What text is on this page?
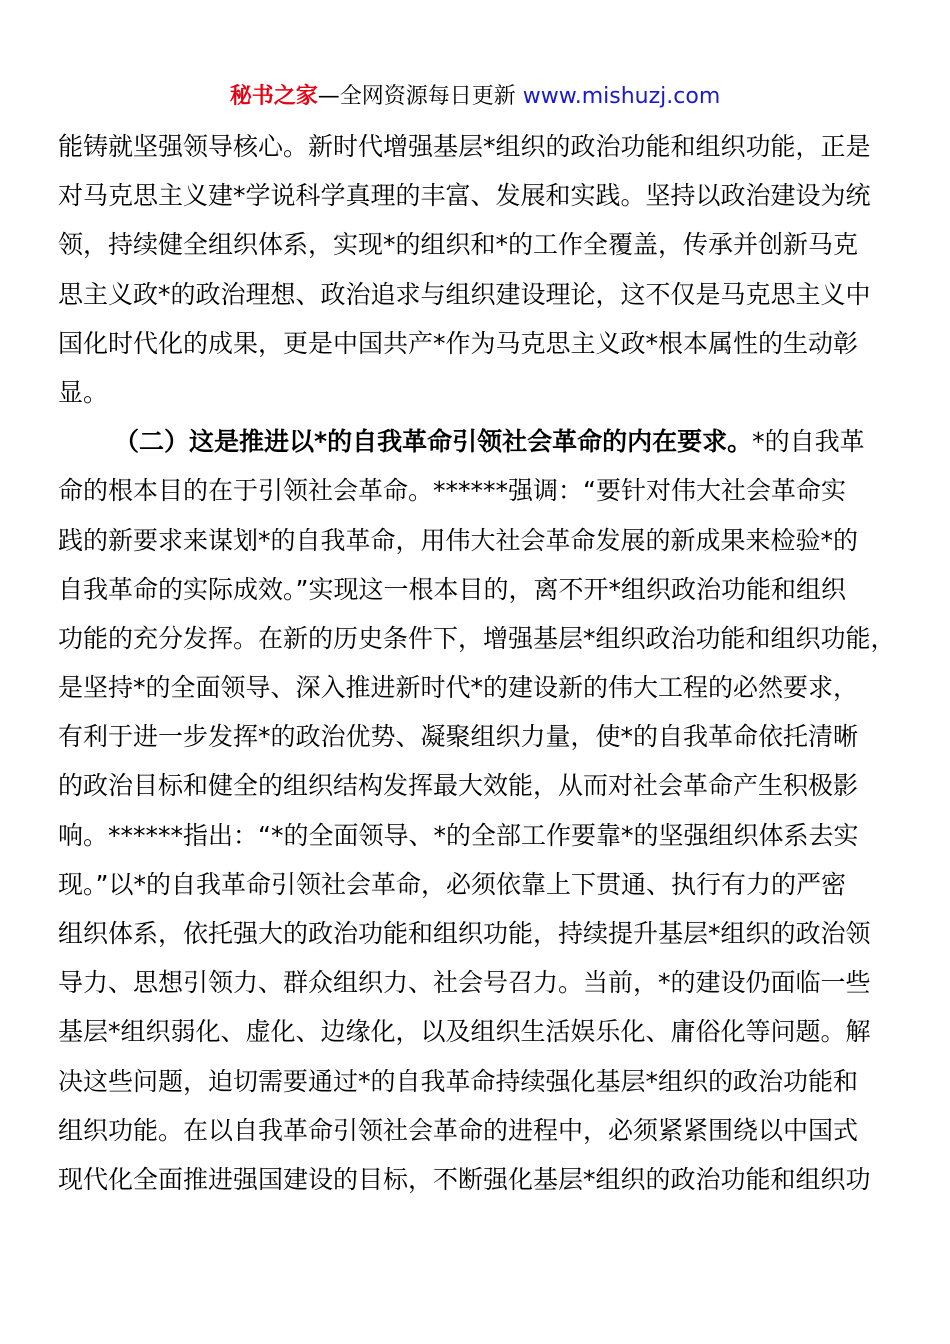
秘书之家—全网资源每日更新 www.mishuzj.com
能铸就坚强领导核心。新时代增强基层*组织的政治功能和组织功能，正是
对马克思主义建*学说科学真理的丰富、发展和实践。坚持以政治建设为统
领，持续健全组织体系，实现*的组织和*的工作全覆盖，传承并创新马克
思主义政*的政治理想、政治追求与组织建设理论，这不仅是马克思主义中
国化时代化的成果，更是中国共产*作为马克思主义政*根本属性的生动彰
显。
（二）这是推进以*的自我革命引领社会革命的内在要求。*的自我革
命的根本目的在于引领社会革命。******强调：“要针对伟大社会革命实
践的新要求来谋划*的自我革命，用伟大社会革命发展的新成果来检验*的
自我革命的实际成效。”实现这一根本目的，离不开*组织政治功能和组织
功能的充分发挥。在新的历史条件下，增强基层*组织政治功能和组织功能，
是坚持*的全面领导、深入推进新时代*的建设新的伟大工程的必然要求，
有利于进一步发挥*的政治优势、凝聚组织力量，使*的自我革命依托清晰
的政治目标和健全的组织结构发挥最大效能，从而对社会革命产生积极影
响。******指出：“*的全面领导、*的全部工作要靠*的坚强组织体系去实
现。”以*的自我革命引领社会革命，必须依靠上下贯通、执行有力的严密
组织体系，依托强大的政治功能和组织功能，持续提升基层*组织的政治领
导力、思想引领力、群众组织力、社会号召力。当前，*的建设仍面临一些
基层*组织弱化、虚化、边缘化，以及组织生活娱乐化、庸俗化等问题。解
决这些问题，迫切需要通过*的自我革命持续强化基层*组织的政治功能和
组织功能。在以自我革命引领社会革命的进程中，必须紧紧围绕以中国式
现代化全面推进强国建设的目标，不断强化基层*组织的政治功能和组织功
